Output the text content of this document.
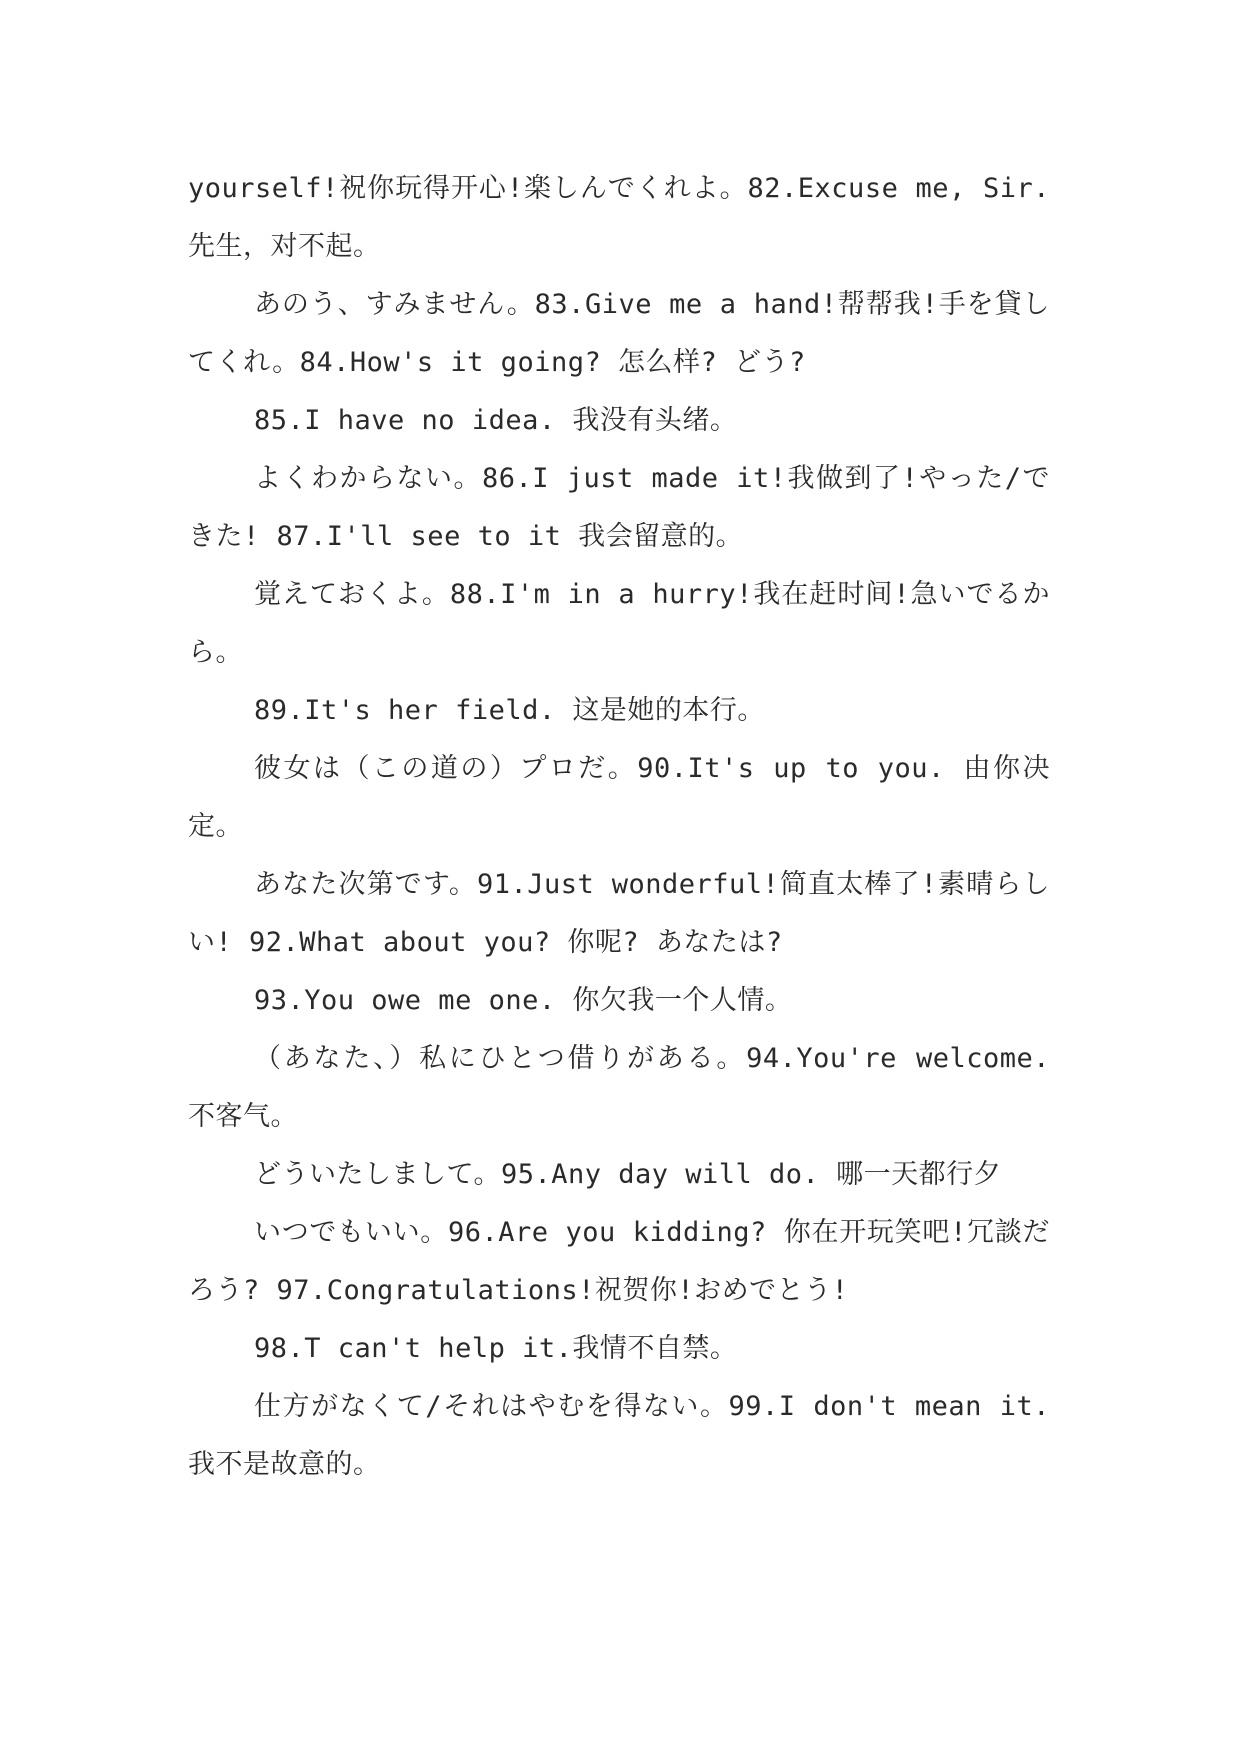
yourself!祝你玩得开心!楽しんでくれよ。82.Excuse me, Sir. 先生，对不起。

あのう、すみません。83.Give me a hand!帮帮我!手を貸してくれ。84.How's it going? 怎么样? どう?

85.I have no idea. 我没有头绪。

よくわからない。86.I just made it!我做到了!やった/できた! 87.I'll see to it 我会留意的。

覚えておくよ。88.I'm in a hurry!我在赶时间!急いでるから。

89.It's her field. 这是她的本行。

彼女は（この道の）プロだ。90.It's up to you. 由你决定。

あなた次第です。91.Just wonderful!简直太棒了!素晴らしい! 92.What about you? 你呢? あなたは?

93.You owe me one. 你欠我一个人情。

（あなた、）私にひとつ借りがある。94.You're welcome. 不客气。

どういたしまして。95.Any day will do. 哪一天都行夕

いつでもいい。96.Are you kidding? 你在开玩笑吧!冗談だろう? 97.Congratulations!祝贺你!おめでとう!

98.T can't help it.我情不自禁。

仕方がなくて/それはやむを得ない。99.I don't mean it.我不是故意的。
